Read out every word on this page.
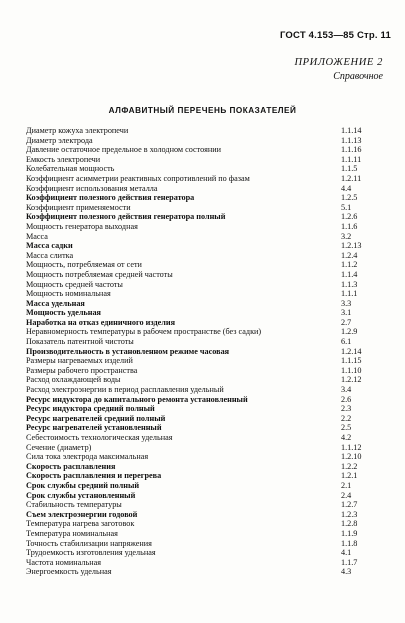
ГОСТ 4.153—85 Стр. 11
ПРИЛОЖЕНИЕ 2
Справочное
АЛФАВИТНЫЙ ПЕРЕЧЕНЬ ПОКАЗАТЕЛЕЙ
Диаметр кожуха электропечи	1.1.14
Диаметр электрода	1.1.13
Давление остаточное предельное в холодном состоянии	1.1.16
Емкость электропечи	1.1.11
Колебательная мощность	1.1.5
Коэффициент асимметрии реактивных сопротивлений по фазам	1.2.11
Коэффициент использования металла	4.4
Коэффициент полезного действия генератора	1.2.5
Коэффициент применяемости	5.1
Коэффициент полезного действия генератора полный	1.2.6
Мощность генератора выходная	1.1.6
Масса	3.2
Масса садки	1.2.13
Масса слитка	1.2.4
Мощность, потребляемая от сети	1.1.2
Мощность потребляемая средней частоты	1.1.4
Мощность средней частоты	1.1.3
Мощность номинальная	1.1.1
Масса удельная	3.3
Мощность удельная	3.1
Наработка на отказ единичного изделия	2.7
Неравномерность температуры в рабочем пространстве (без садки)	1.2.9
Показатель патентной чистоты	6.1
Производительность в установленном режиме часовая	1.2.14
Размеры нагреваемых изделий	1.1.15
Размеры рабочего пространства	1.1.10
Расход охлаждающей воды	1.2.12
Расход электроэнергии в период расплавления удельный	3.4
Ресурс индуктора до капитального ремонта установленный	2.6
Ресурс индуктора средний полный	2.3
Ресурс нагревателей средний полный	2.2
Ресурс нагревателей установленный	2.5
Себестоимость технологическая удельная	4.2
Сечение (диаметр)	1.1.12
Сила тока электрода максимальная	1.2.10
Скорость расплавления	1.2.2
Скорость расплавления и перегрева	1.2.1
Срок службы средний полный	2.1
Срок службы установленный	2.4
Стабильность температуры	1.2.7
Съем электроэнергии годовой	1.2.3
Температура нагрева заготовок	1.2.8
Температура номинальная	1.1.9
Точность стабилизации напряжения	1.1.8
Трудоемкость изготовления удельная	4.1
Частота номинальная	1.1.7
Энергоемкость удельная	4.3
